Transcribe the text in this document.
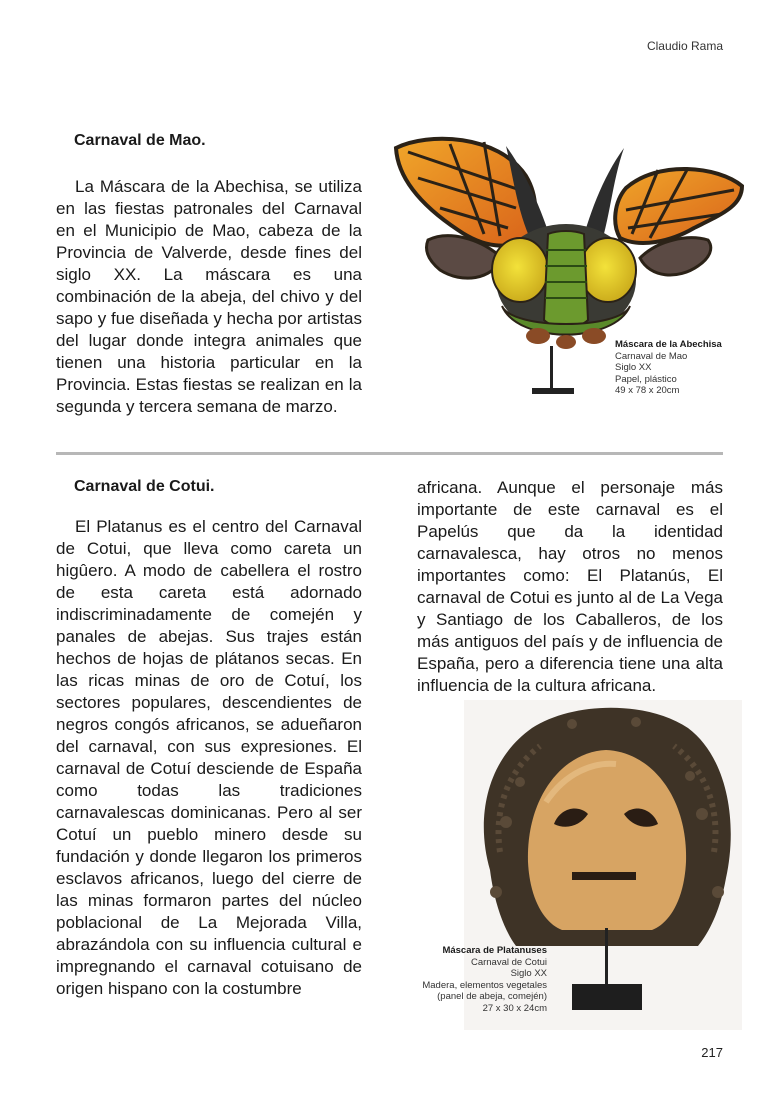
Claudio Rama
Carnaval de Mao.
La Máscara de la Abechisa, se utiliza en las fiestas patronales del Carnaval en el Municipio de Mao, cabeza de la Provincia de Valverde, desde fines del siglo XX. La máscara es una combinación de la abeja, del chivo y del sapo y fue diseñada y hecha por artistas del lugar donde integra animales que tienen una historia particular en la Provincia. Estas fiestas se realizan en la segunda y tercera semana de marzo.
Máscara de la Abechisa
Carnaval de Mao
Siglo XX
Papel, plástico
49 x 78 x 20cm
Carnaval de Cotui.
El Platanus es el centro del Carnaval de Cotui, que lleva como careta un higûero. A modo de cabellera el rostro de esta careta está adornado indiscriminadamente de comején y panales de abejas. Sus trajes están hechos de hojas de plátanos secas. En las ricas minas de oro de Cotuí, los sectores populares, descendientes de negros congós africanos, se adueñaron del carnaval, con sus expresiones. El carnaval de Cotuí desciende de España como todas las tradiciones carnavalescas dominicanas. Pero al ser Cotuí un pueblo minero desde su fundación y donde llegaron los primeros esclavos africanos, luego del cierre de las minas formaron partes del núcleo poblacional de La Mejorada Villa, abrazándola con su influencia cultural e impregnando el carnaval cotuisano de origen hispano con la costumbre
africana. Aunque el personaje más importante de este carnaval es el Papelús que da la identidad carnavalesca, hay otros no menos importantes como: El Platanús, El carnaval de Cotui es junto al de La Vega y Santiago de los Caballeros, de los más antiguos del país y de influencia de España, pero a diferencia tiene una alta influencia de la cultura africana.
Máscara de Platanuses
Carnaval de Cotui
Siglo XX
Madera, elementos vegetales
(panel de abeja, comején)
27 x 30 x 24cm
217
